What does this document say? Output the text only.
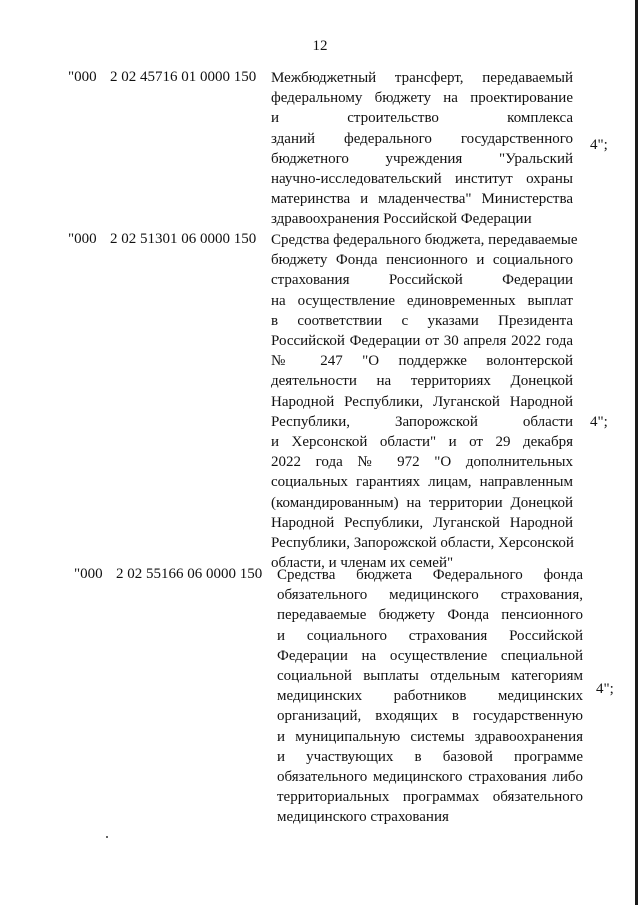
12
"000 2 02 45716 01 0000 150 Межбюджетный трансферт, передаваемый
федеральному бюджету на проектирование
и строительство комплекса
зданий федерального государственного
бюджетного учреждения "Уральский
научно-исследовательский институт охраны
материнства и младенчества" Министерства
здравоохранения Российской Федерации
4";
"000 2 02 51301 06 0000 150 Средства федерального бюджета, передаваемые
бюджету Фонда пенсионного и социального
страхования Российской Федерации
на осуществление единовременных выплат
в соответствии с указами Президента
Российской Федерации от 30 апреля 2022 года
№ 247 "О поддержке волонтерской
деятельности на территориях Донецкой
Народной Республики, Луганской Народной
Республики, Запорожской области
и Херсонской области" и от 29 декабря
2022 года № 972 "О дополнительных
социальных гарантиях лицам, направленным
(командированным) на территории Донецкой
Народной Республики, Луганской Народной
Республики, Запорожской области, Херсонской
области, и членам их семей"
4";
"000 2 02 55166 06 0000 150 Средства бюджета Федерального фонда
обязательного медицинского страхования,
передаваемые бюджету Фонда пенсионного
и социального страхования Российской
Федерации на осуществление специальной
социальной выплаты отдельным категориям
медицинских работников медицинских
организаций, входящих в государственную
и муниципальную системы здравоохранения
и участвующих в базовой программе
обязательного медицинского страхования либо
территориальных программах обязательного
медицинского страхования
4";
